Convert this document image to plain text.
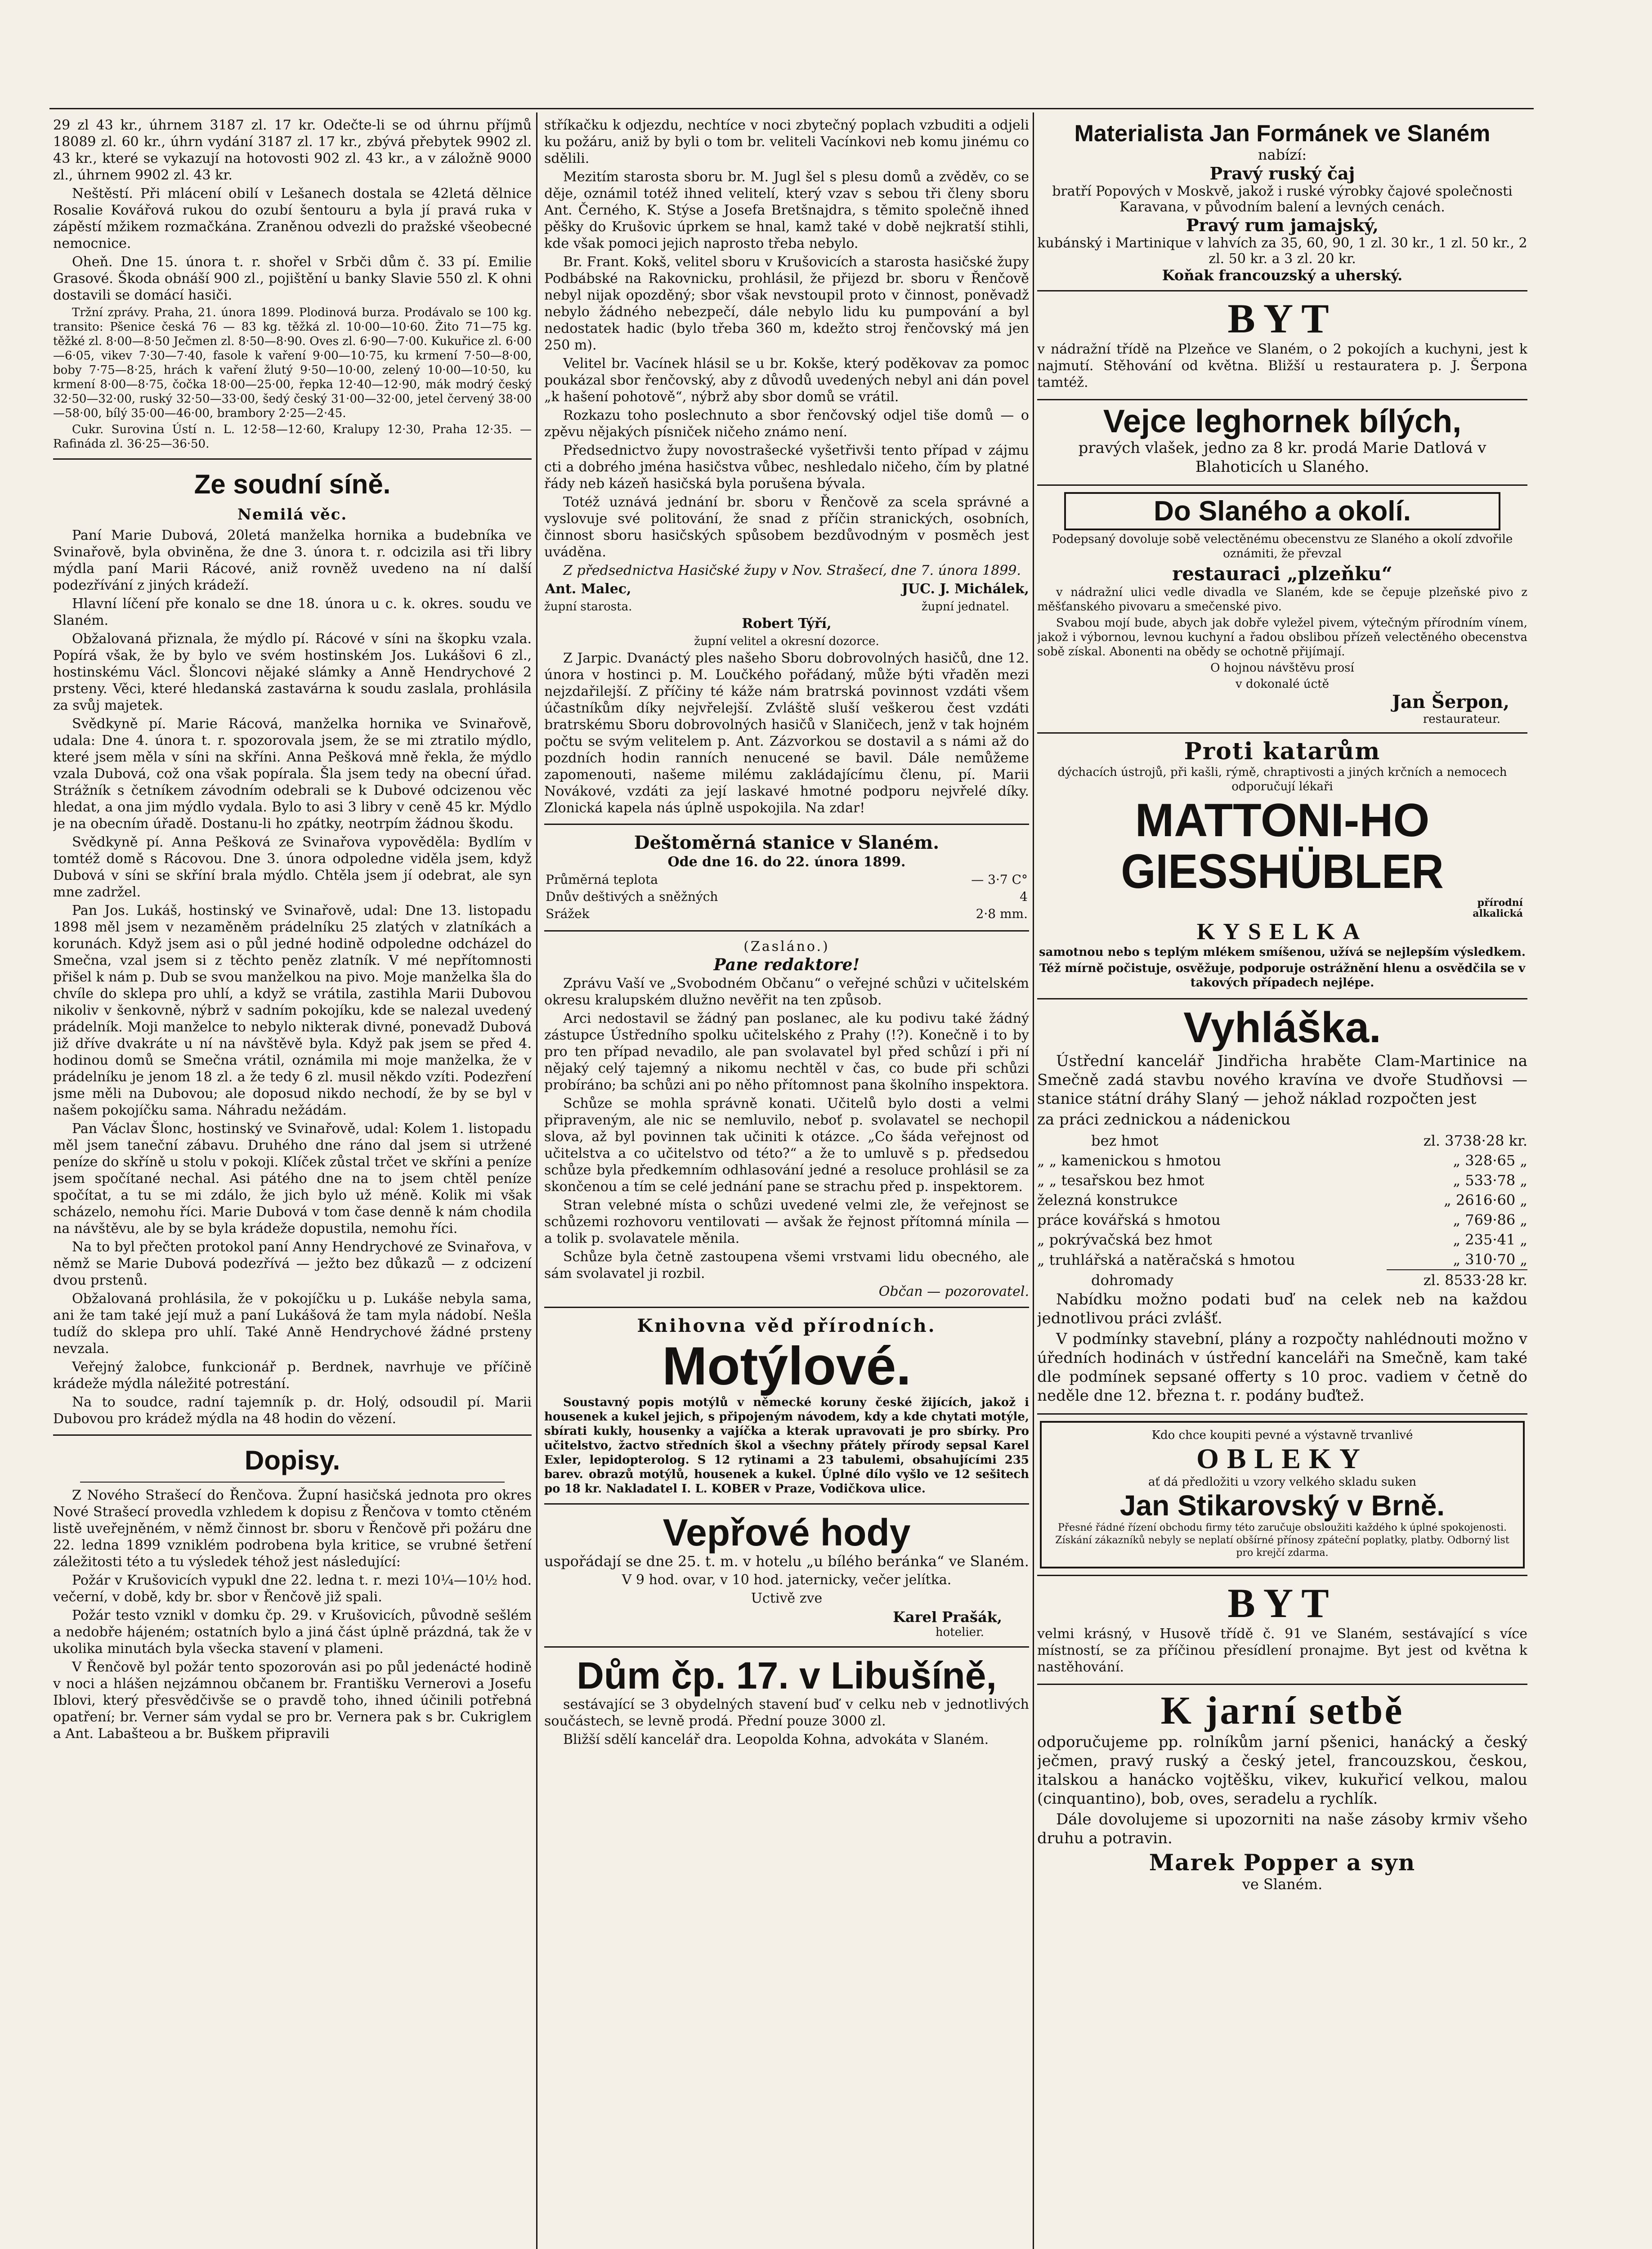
29 zl 43 kr., úhrnem 3187 zl. 17 kr. Odečte-li se od úhrnu příjmů 18089 zl. 60 kr., úhrn vydání 3187 zl. 17 kr., zbývá přebytek 9902 zl. 43 kr., které se vykazují na hotovosti 902 zl. 43 kr., a v záložně 9000 zl., úhrnem 9902 zl. 43 kr.

Neštěstí. Při mlácení obilí v Lešanech dostala se 42letá dělnice Rosalie Kovářová rukou do ozubí šentouru a byla jí pravá ruka v zápěstí mžikem rozmačkána. Zraněnou odvezli do pražské všeobecné nemocnice.

Oheň. Dne 15. února t. r. shořel v Srbči dům č. 33 pí. Emilie Grasové. Škoda obnáší 900 zl., pojištění u banky Slavie 550 zl. K ohni dostavili se domácí hasiči.

Tržní zprávy. Praha, 21. února 1899. Plodinová burza. Prodávalo se 100 kg. transito: Pšenice česká 76 — 83 kg. těžká zl. 10·00—10·60. Žito 71—75 kg. těžké zl. 8·00—8·50 Ječmen zl. 8·50—8·90. Oves zl. 6·90—7·00. Kukuřice zl. 6·00—6·05, vikev 7·30—7·40, fasole k vaření 9·00—10·75, ku krmení 7·50—8·00, boby 7·75—8·25, hrách k vaření žlutý 9·50—10·00, zelený 10·00—10·50, ku krmení 8·00—8·75, čočka 18·00—25·00, řepka 12·40—12·90, mák modrý český 32·50—32·00, ruský 32·50—33·00, šedý český 31·00—32·00, jetel červený 38·00—58·00, bílý 35·00—46·00, brambory 2·25—2·45.

Cukr. Surovina Ústí n. L. 12·58—12·60, Kralupy 12·30, Praha 12·35. — Rafináda zl. 36·25—36·50.

Ze soudní síně.
Nemilá věc.

Paní Marie Dubová, 20letá manželka hornika a budebníka ve Svinařově, byla obviněna, že dne 3. února t. r. odcizila asi tři libry mýdla paní Marii Rácové, aniž rovněž uvedeno na ní další podezřívání z jiných krádeží.

Hlavní líčení pře konalo se dne 18. února u c. k. okres. soudu ve Slaném.

Obžalovaná přiznala, že mýdlo pí. Rácové v síni na škopku vzala. Popírá však, že by bylo ve svém hostinském Jos. Lukášovi 6 zl., hostinskému Václ. Šloncovi nějaké slámky a Anně Hendrychové 2 prsteny. Věci, které hledanská zastavárna k soudu zaslala, prohlásila za svůj majetek.

Svědkyně pí. Marie Rácová, manželka hornika ve Svinařově, udala: Dne 4. února t. r. spozorovala jsem, že se mi ztratilo mýdlo, které jsem měla v síni na skříni. Anna Pešková mně řekla, že mýdlo vzala Dubová, což ona však popírala. Šla jsem tedy na obecní úřad. Strážník s četníkem závodním odebrali se k Dubové odcizenou věc hledat, a ona jim mýdlo vydala. Bylo to asi 3 libry v ceně 45 kr. Mýdlo je na obecním úřadě. Dostanu-li ho zpátky, neotrpím žádnou škodu.

Svědkyně pí. Anna Pešková ze Svinařova vypověděla: Bydlím v tomtéž domě s Rácovou. Dne 3. února odpoledne viděla jsem, když Dubová v síni se skříní brala mýdlo. Chtěla jsem jí odebrat, ale syn mne zadržel.

Pan Jos. Lukáš, hostinský ve Svinařově, udal: Dne 13. listopadu 1898 měl jsem v nezaměněm prádelníku 25 zlatých v zlatníkách a korunách. Když jsem asi o půl jedné hodině odpoledne odcházel do Smečna, vzal jsem si z těchto peněz zlatník. V mé nepřítomnosti přišel k nám p. Dub se svou manželkou na pivo. Moje manželka šla do chvíle do sklepa pro uhlí, a když se vrátila, zastihla Marii Dubovou nikoliv v šenkovně, nýbrž v sadním pokojíku, kde se nalezal uvedený prádelník. Moji manželce to nebylo nikterak divné, ponevadž Dubová již dříve dvakráte u ní na návštěvě byla. Když pak jsem se před 4. hodinou domů se Smečna vrátil, oznámila mi moje manželka, že v prádelníku je jenom 18 zl. a že tedy 6 zl. musil někdo vzíti. Podezření jsme měli na Dubovou; ale doposud nikdo nechodí, že by se byl v našem pokojíčku sama. Náhradu nežádám.

Pan Václav Šlonc, hostinský ve Svinařově, udal: Kolem 1. listopadu měl jsem taneční zábavu. Druhého dne ráno dal jsem si utržené peníze do skříně u stolu v pokoji. Klíček zůstal trčet ve skříni a peníze jsem spočítané nechal. Asi pátého dne na to jsem chtěl peníze spočítat, a tu se mi zdálo, že jich bylo už méně. Kolik mi však scházelo, nemohu říci. Marie Dubová v tom čase denně k nám chodila na návštěvu, ale by se byla krádeže dopustila, nemohu říci.

Na to byl přečten protokol paní Anny Hendrychové ze Svinařova, v němž se Marie Dubová podezřívá — ježto bez důkazů — z odcizení dvou prstenů.

Obžalovaná prohlásila, že v pokojíčku u p. Lukáše nebyla sama, ani že tam také její muž a paní Lukášová že tam myla nádobí. Nešla tudíž do sklepa pro uhlí. Také Anně Hendrychové žádné prsteny nevzala.

Veřejný žalobce, funkcionář p. Berdnek, navrhuje ve příčině krádeže mýdla náležité potrestání.

Na to soudce, radní tajemník p. dr. Holý, odsoudil pí. Marii Dubovou pro krádež mýdla na 48 hodin do vězení.

Dopisy.

Z Nového Strašecí do Řenčova. Župní hasičská jednota pro okres Nové Strašecí provedla vzhledem k dopisu z Řenčova v tomto ctěném listě uveřejněném, v němž činnost br. sboru v Řenčově při požáru dne 22. ledna 1899 vzniklém podrobena byla kritice, se vrubné šetření záležitosti této a tu výsledek téhož jest následující:

Požár v Krušovicích vypukl dne 22. ledna t. r. mezi 10¼—10½ hod. večerní, v době, kdy br. sbor v Řenčově již spali.

Požár testo vznikl v domku čp. 29. v Krušovicích, původně sešlém a nedobře hájeném; ostatních bylo a jiná část úplně prázdná, tak že v ukolika minutách byla všecka stavení v plameni.

V Řenčově byl požár tento spozorován asi po půl jedenácté hodině v noci a hlášen nejzámnou občanem br. Františku Vernerovi a Josefu Iblovi, který přesvědčivše se o pravdě toho, ihned účinili potřebná opatření; br. Verner sám vydal se pro br. Vernera pak s br. Cukriglem a Ant. Labašteou a br. Buškem připravili

stříkačku k odjezdu, nechtíce v noci zbytečný poplach vzbuditi a odjeli ku požáru, aniž by byli o tom br. veliteli Vacínkovi neb komu jinému co sdělili.

Mezitím starosta sboru br. M. Jugl šel s plesu domů a zvěděv, co se děje, oznámil totéž ihned velitelí, který vzav s sebou tři členy sboru Ant. Černého, K. Stýse a Josefa Bretšnajdra, s těmito společně ihned pěšky do Krušovic úprkem se hnal, kamž také v době nejkratší stihli, kde však pomoci jejich naprosto třeba nebylo.

Br. Frant. Kokš, velitel sboru v Krušovicích a starosta hasičské župy Podbábské na Rakovnicku, prohlásil, že přijezd br. sboru v Řenčově nebyl nijak opozděný; sbor však nevstoupil proto v činnost, poněvadž nebylo žádného nebezpečí, dále nebylo lidu ku pumpování a byl nedostatek hadic (bylo třeba 360 m, kdežto stroj řenčovský má jen 250 m).

Velitel br. Vacínek hlásil se u br. Kokše, který poděkovav za pomoc poukázal sbor řenčovský, aby z důvodů uvedených nebyl ani dán povel „k hašení pohotově“, nýbrž aby sbor domů se vrátil.

Rozkazu toho poslechnuto a sbor řenčovský odjel tiše domů — o zpěvu nějakých písniček ničeho známo není.

Předsednictvo župy novostrašecké vyšetřivši tento případ v zájmu cti a dobrého jména hasičstva vůbec, neshledalo ničeho, čím by platné řády neb kázeň hasičská byla porušena bývala.

Totéž uznává jednání br. sboru v Řenčově za scela správné a vyslovuje své politování, že snad z příčin stranických, osobních, činnost sboru hasičských spůsobem bezdůvodným v posměch jest uváděna.

Z předsednictva Hasičské župy v Nov. Strašecí, dne 7. února 1899.

Ant. Malec,
župní starosta.
JUC. J. Michálek,
župní jednatel.
Robert Týří,
župní velitel a okresní dozorce.

Z Jarpic. Dvanáctý ples našeho Sboru dobrovolných hasičů, dne 12. února v hostinci p. M. Loučkého pořádaný, může býti vřaděn mezi nejzdařilejší. Z příčiny té káže nám bratrská povinnost vzdáti všem účastníkům díky nejvřelejší. Zvláště sluší veškerou čest vzdáti bratrskému Sboru dobrovolných hasičů v Slaničech, jenž v tak hojném počtu se svým velitelem p. Ant. Zázvorkou se dostavil a s námi až do pozdních hodin ranních nenucené se bavil. Dále nemůžeme zapomenouti, našeme milému zakládajícímu členu, pí. Marii Novákové, vzdáti za její laskavé hmotné podporu nejvřelé díky. Zlonická kapela nás úplně uspokojila. Na zdar!

Deštoměrná stanice v Slaném.
Ode dne 16. do 22. února 1899.
Průměrná teplota	— 3·7 C°
Dnův deštivých a sněžných	4
Srážek	2·8 mm.
(Zasláno.)
Pane redaktore!

Zprávu Vaší ve „Svobodném Občanu“ o veřejné schůzi v učitelském okresu kralupském dlužno nevěřit na ten způsob.

Arci nedostavil se žádný pan poslanec, ale ku podivu také žádný zástupce Ústředního spolku učitelského z Prahy (!?). Konečně i to by pro ten případ nevadilo, ale pan svolavatel byl před schůzí i při ní nějaký celý tajemný a nikomu nechtěl v čas, co bude při schůzi probíráno; ba schůzi ani po něho přítomnost pana školního inspektora.

Schůze se mohla správně konati. Učitelů bylo dosti a velmi připraveným, ale nic se nemluvilo, neboť p. svolavatel se nechopil slova, až byl povinnen tak učiniti k otázce. „Co šáda veřejnost od učitelstva a co učitelstvo od této?“ a že to umluvě s p. předsedou schůze byla předkemním odhlasování jedné a resoluce prohlásil se za skončenou a tím se celé jednání pane se strachu před p. inspektorem.

Stran velebné místa o schůzi uvedené velmi zle, že veřejnost se schůzemi rozhovoru ventilovati — avšak že řejnost přítomná mínila — a tolik p. svolavatele měnila.

Schůze byla četně zastoupena všemi vrstvami lidu obecného, ale sám svolavatel ji rozbil.

Občan — pozorovatel.
Knihovna věd přírodních.
Motýlové.

Soustavný popis motýlů v německé koruny české žijících, jakož i housenek a kukel jejich, s připojeným návodem, kdy a kde chytati motýle, sbírati kukly, housenky a vajíčka a kterak upravovati je pro sbírky. Pro učitelstvo, žactvo středních škol a všechny přátely přírody sepsal Karel Exler, lepidopterolog. S 12 rytinami a 23 tabulemi, obsahujícími 235 barev. obrazů motýlů, housenek a kukel. Úplné dílo vyšlo ve 12 sešitech po 18 kr. Nakladatel I. L. KOBER v Praze, Vodičkova ulice.

Vepřové hody

uspořádají se dne 25. t. m. v hotelu „u bílého beránka“ ve Slaném.

V 9 hod. ovar, v 10 hod. jaternicky, večer jelítka.

Uctivě zve

Karel Prašák,
hotelier.
Dům čp. 17. v Libušíně,

sestávající se 3 obydelných stavení buď v celku neb v jednotlivých součástech, se levně prodá. Přední pouze 3000 zl.

Bližší sdělí kancelář dra. Leopolda Kohna, advokáta v Slaném.

Materialista Jan Formánek ve Slaném
nabízí:
Pravý ruský čaj
bratří Popových v Moskvě, jakož i ruské výrobky čajové společnosti
Karavana, v původním balení a levných cenách.
Pravý rum jamajský,
kubánský i Martinique v lahvích za 35, 60, 90, 1 zl. 30 kr., 1 zl. 50 kr., 2 zl. 50 kr. a 3 zl. 20 kr.
Koňak francouzský a uherský.
BYT

v nádražní třídě na Plzeňce ve Slaném, o 2 pokojích a kuchyni, jest k najmutí. Stěhování od května. Bližší u restauratera p. J. Šerpona tamtéž.

Vejce leghornek bílých,

pravých vlašek, jedno za 8 kr. prodá Marie Datlová v Blahoticích u Slaného.

Do Slaného a okolí.

Podepsaný dovoluje sobě velectěnému obecenstvu ze Slaného a okolí zdvořile oznámiti, že převzal

restauraci „plzeňku“

v nádražní ulici vedle divadla ve Slaném, kde se čepuje plzeňské pivo z měšťanského pivovaru a smečenské pivo.

Svabou mojí bude, abych jak dobře vyležel pivem, výtečným přírodním vínem, jakož i výbornou, levnou kuchyní a řadou obslibou přízeň velectěného obecenstva sobě získal. Abonenti na obědy se ochotně přijímají.

O hojnou návštěvu prosí

v dokonalé úctě
Jan Šerpon,
restaurateur.
Proti katarům

dýchacích ústrojů, při kašli, rýmě, chraptivosti a jiných krčních a nemocech odporučují lékaři

MATTONI-HO
GIESSHÜBLER
přírodní
alkalická
KYSELKA

samotnou nebo s teplým mlékem smíšenou, užívá se nejlepším výsledkem.

Též mírně počistuje, osvěžuje, podporuje ostrážnění hlenu a osvědčila se v takových případech nejlépe.

Vyhláška.

Ústřední kancelář Jindřicha hraběte Clam-Martinice na Smečně zadá stavbu nového kravína ve dvoře Studňovsi — stanice státní dráhy Slaný — jehož náklad rozpočten jest

za práci zednickou a nádenickou

bez hmot	zl. 3738·28 kr.
„ „ kamenickou s hmotou	„ 328·65 „
„ „ tesařskou bez hmot	„ 533·78 „
železná konstrukce	„ 2616·60 „
práce kovářská s hmotou	„ 769·86 „
„ pokrývačská bez hmot	„ 235·41 „
„ truhlářská a natěračská s hmotou	„ 310·70 „
dohromady	zl. 8533·28 kr.

Nabídku možno podati buď na celek neb na každou jednotlivou práci zvlášť.

V podmínky stavební, plány a rozpočty nahlédnouti možno v úředních hodinách v ústřední kanceláři na Smečně, kam také dle podmínek sepsané offerty s 10 proc. vadiem v četně do neděle dne 12. března t. r. podány buďtež.

Kdo chce koupiti pevné a výstavně trvanlivé
OBLEKY
ať dá předložiti u vzory velkého skladu suken
Jan Stikarovský v Brně.

Přesné řádné řízení obchodu firmy této zaručuje obsloužiti každého k úplné spokojenosti. Získání zákazníků nebyly se neplatí obšírné přínosy zpáteční poplatky, platby. Odborný list pro krejčí zdarma.

BYT

velmi krásný, v Husově třídě č. 91 ve Slaném, sestávající s více místností, se za příčinou přesídlení pronajme. Byt jest od května k nastěhování.

K jarní setbě

odporučujeme pp. rolníkům jarní pšenici, hanácký a český ječmen, pravý ruský a český jetel, francouzskou, českou, italskou a hanácko vojtěšku, vikev, kukuřicí velkou, malou (cinquantino), bob, oves, seradelu a rychlík.

Dále dovolujeme si upozorniti na naše zásoby krmiv všeho druhu a potravin.

Marek Popper a syn
ve Slaném.
